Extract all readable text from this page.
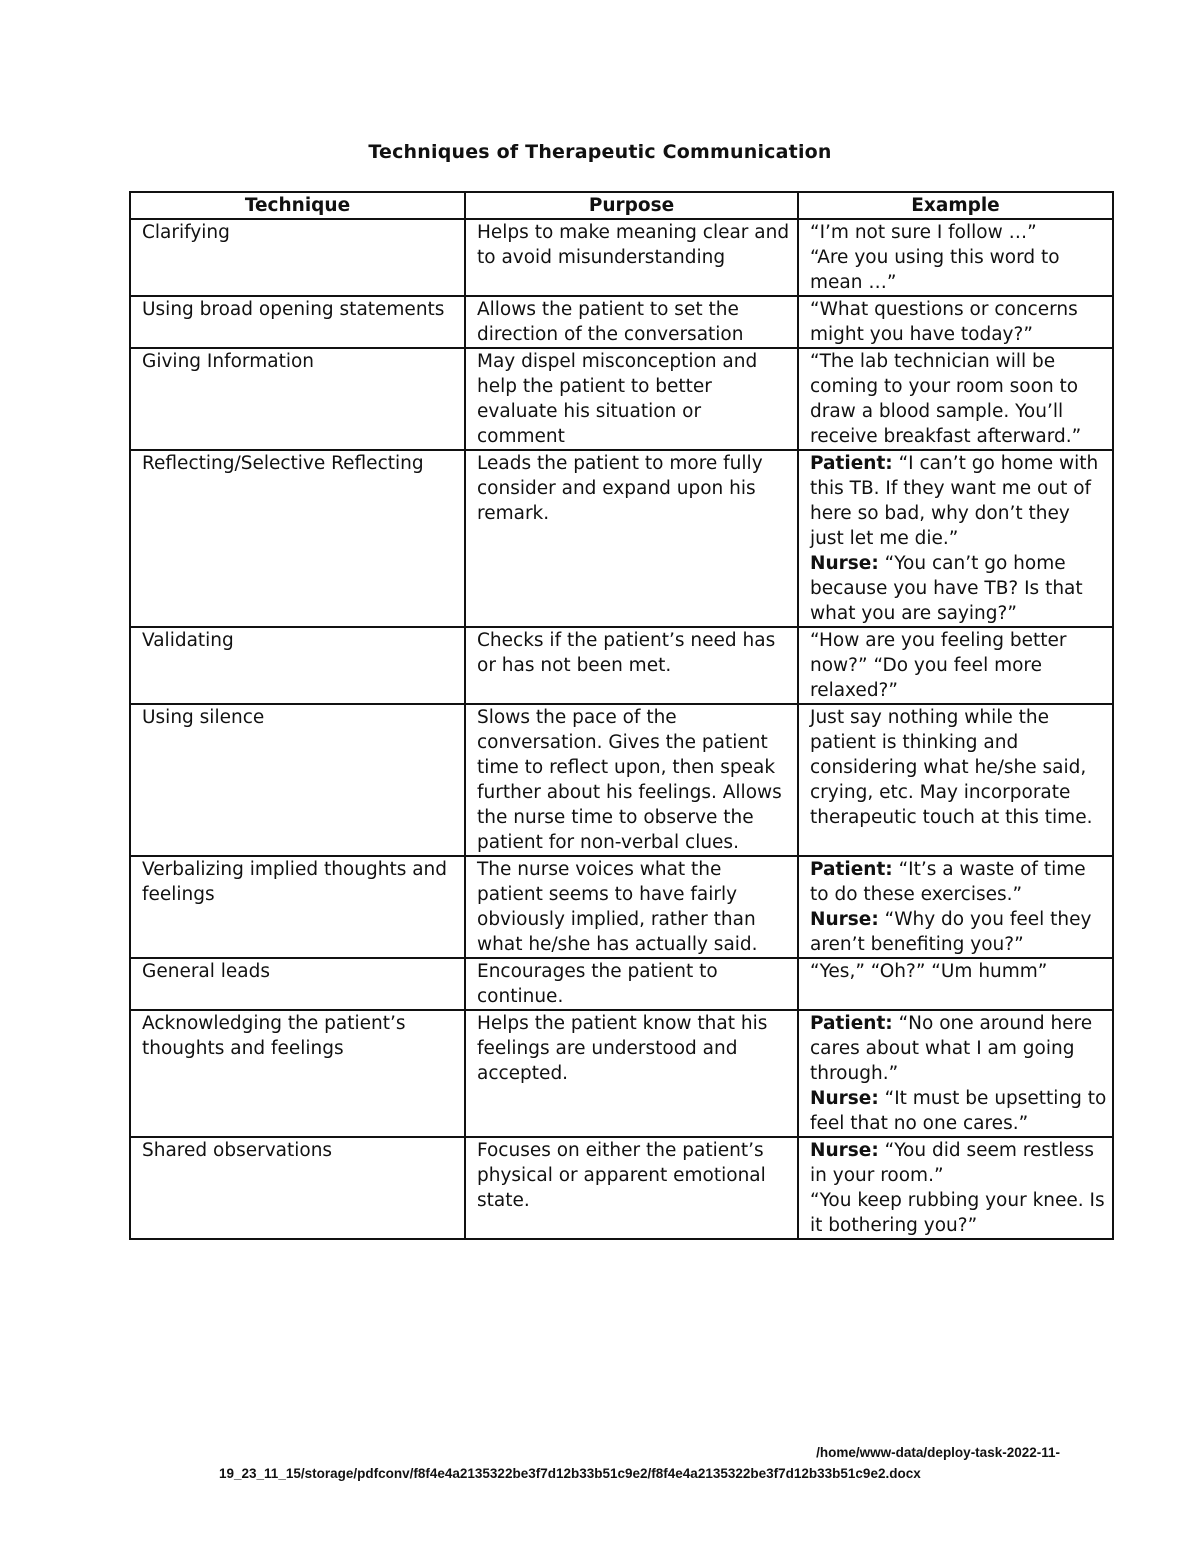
Techniques of Therapeutic Communication
Technique	Purpose	Example
Clarifying	Helps to make meaning clear and to avoid misunderstanding	“I’m not sure I follow …”
“Are you using this word to mean …”

Using broad opening statements	Allows the patient to set the direction of the conversation	“What questions or concerns might you have today?”

Giving Information	May dispel misconception and help the patient to better evaluate his situation or comment	“The lab technician will be coming to your room soon to draw a blood sample. You’ll receive breakfast afterward.”

Reflecting/Selective Reflecting	Leads the patient to more fully consider and expand upon his remark.	Patient: “I can’t go home with this TB. If they want me out of here so bad, why don’t they just let me die.”
Nurse: “You can’t go home because you have TB? Is that what you are saying?”

Validating	Checks if the patient’s need has or has not been met.	“How are you feeling better now?” “Do you feel more relaxed?”

Using silence	Slows the pace of the conversation. Gives the patient time to reflect upon, then speak further about his feelings. Allows the nurse time to observe the patient for non-verbal clues.	Just say nothing while the patient is thinking and considering what he/she said, crying, etc. May incorporate therapeutic touch at this time.

Verbalizing implied thoughts and feelings	The nurse voices what the patient seems to have fairly obviously implied, rather than what he/she has actually said.	Patient: “It’s a waste of time to do these exercises.”
Nurse: “Why do you feel they aren’t benefiting you?”

General leads	Encourages the patient to continue.	“Yes,” “Oh?” “Um humm”

Acknowledging the patient’s thoughts and feelings	Helps the patient know that his feelings are understood and accepted.	Patient: “No one around here cares about what I am going through.”
Nurse: “It must be upsetting to feel that no one cares.”

Shared observations	Focuses on either the patient’s physical or apparent emotional state.	Nurse: “You did seem restless in your room.”
“You keep rubbing your knee. Is it bothering you?”
/home/www-data/deploy-task-2022-11-
19_23_11_15/storage/pdfconv/f8f4e4a2135322be3f7d12b33b51c9e2/f8f4e4a2135322be3f7d12b33b51c9e2.docx
